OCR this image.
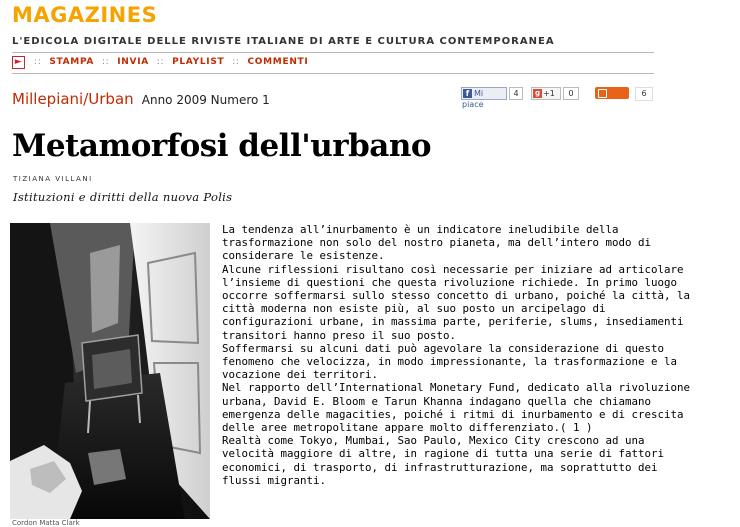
MAGAZINES
L'EDICOLA DIGITALE DELLE RIVISTE ITALIANE DI ARTE E CULTURA CONTEMPORANEA
►	:: STAMPA :: INVIA :: PLAYLIST :: COMMENTI
Millepiani/Urban Anno 2009 Numero 1	f Mi piace
4	g +1	0
Share
6
Metamorfosi dell'urbano
TIZIANA VILLANI
Istituzioni e diritti della nuova Polis
Cordon Matta Clark

La tendenza all’inurbamento è un indicatore ineludibile della trasformazione non solo del nostro pianeta, ma dell’intero modo di considerare le esistenze.

Alcune riflessioni risultano così necessarie per iniziare ad articolare l’insieme di questioni che questa rivoluzione richiede. In primo luogo occorre soffermarsi sullo stesso concetto di urbano, poiché la città, la città moderna non esiste più, al suo posto un arcipelago di configurazioni urbane, in massima parte, periferie, slums, insediamenti transitori hanno preso il suo posto.

Soffermarsi su alcuni dati può agevolare la considerazione di questo fenomeno che velocizza, in modo impressionante, la trasformazione e la vocazione dei territori.

Nel rapporto dell’International Monetary Fund, dedicato alla rivoluzione urbana, David E. Bloom e Tarun Khanna indagano quella che chiamano emergenza delle magacities, poiché i ritmi di inurbamento e di crescita delle aree metropolitane appare molto differenziato.( 1 )

Realtà come Tokyo, Mumbai, Sao Paulo, Mexico City crescono ad una velocità maggiore di altre, in ragione di tutta una serie di fattori economici, di trasporto, di infrastrutturazione, ma soprattutto dei flussi migranti.
